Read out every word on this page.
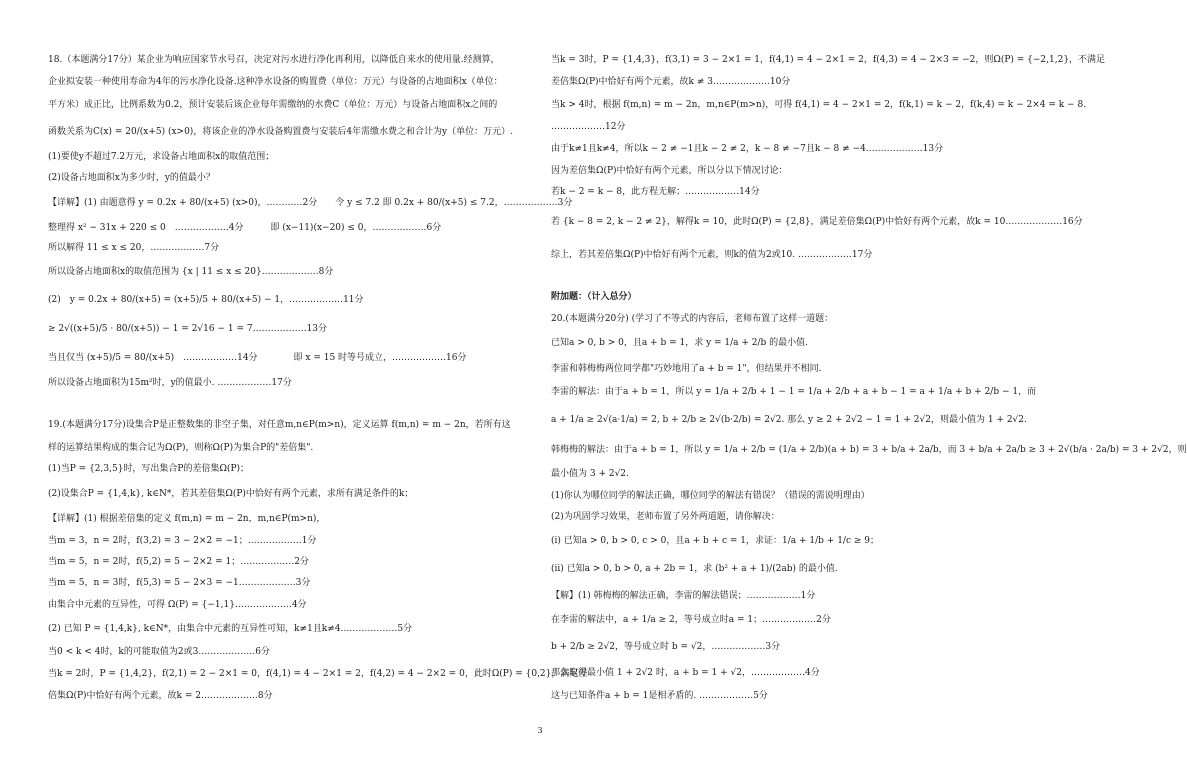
18.（本题满分17分）某企业为响应国家节水号召，决定对污水进行净化再利用，以降低自来水的使用量.经测算，
企业拟安装一种使用寿命为4年的污水净化设备.这种净水设备的购置费（单位：万元）与设备的占地面积x（单位：
平方米）成正比，比例系数为0.2，预计安装后该企业每年需缴纳的水费C（单位：万元）与设备占地面积x之间的
函数关系为C(x) = 20/(x+5) (x>0)，将该企业的净水设备购置费与安装后4年需缴水费之和合计为y（单位：万元）.
(1)要使y不超过7.2万元，求设备占地面积x的取值范围；
(2)设备占地面积x为多少时，y的值最小？
【详解】(1) 由题意得 y = 0.2x + 80/(x+5) (x>0)，…………2分　　令 y ≤ 7.2 即 0.2x + 80/(x+5) ≤ 7.2，………………3分
整理得 x² − 31x + 220 ≤ 0　………………4分　　　即 (x−11)(x−20) ≤ 0，………………6分
所以解得 11 ≤ x ≤ 20，………………7分
所以设备占地面积x的取值范围为 {x | 11 ≤ x ≤ 20}.………………8分
(2)　y = 0.2x + 80/(x+5) = (x+5)/5 + 80/(x+5) − 1，………………11分
≥ 2√((x+5)/5 · 80/(x+5)) − 1 = 2√16 − 1 = 7………………13分
当且仅当 (x+5)/5 = 80/(x+5)　………………14分　　　　即 x = 15 时等号成立，………………16分
所以设备占地面积为15m²时，y的值最小. ………………17分
19.(本题满分17分)设集合P是正整数集的非空子集，对任意m,n∈P(m>n)，定义运算 f(m,n) = m − 2n，若所有这
样的运算结果构成的集合记为Ω(P)，则称Ω(P)为集合P的"差倍集".
(1)当P = {2,3,5}时，写出集合P的差倍集Ω(P)；
(2)设集合P = {1,4,k}, k∈N*，若其差倍集Ω(P)中恰好有两个元素，求所有满足条件的k；
【详解】(1) 根据差倍集的定义 f(m,n) = m − 2n，m,n∈P(m>n)，
当m = 3，n = 2时，f(3,2) = 3 − 2×2 = −1；………………1分
当m = 5，n = 2时，f(5,2) = 5 − 2×2 = 1；………………2分
当m = 5，n = 3时，f(5,3) = 5 − 2×3 = −1.………………3分
由集合中元素的互异性，可得 Ω(P) = {−1,1}.………………4分
(2) 已知 P = {1,4,k}, k∈N*，由集合中元素的互异性可知，k≠1且k≠4.………………5分
当0 < k < 4时，k的可能取值为2或3.………………6分
当k = 2时，P = {1,4,2}，f(2,1) = 2 − 2×1 = 0，f(4,1) = 4 − 2×1 = 2，f(4,2) = 4 − 2×2 = 0，此时Ω(P) = {0,2}，满足差
倍集Ω(P)中恰好有两个元素，故k = 2.………………8分
当k = 3时，P = {1,4,3}，f(3,1) = 3 − 2×1 = 1，f(4,1) = 4 − 2×1 = 2，f(4,3) = 4 − 2×3 = −2，则Ω(P) = {−2,1,2}，不满足
差倍集Ω(P)中恰好有两个元素，故k ≠ 3.………………10分
当k > 4时，根据 f(m,n) = m − 2n，m,n∈P(m>n)，可得 f(4,1) = 4 − 2×1 = 2，f(k,1) = k − 2，f(k,4) = k − 2×4 = k − 8.
………………12分
由于k≠1且k≠4，所以k − 2 ≠ −1且k − 2 ≠ 2，k − 8 ≠ −7且k − 8 ≠ −4.………………13分
因为差倍集Ω(P)中恰好有两个元素，所以分以下情况讨论：
若k − 2 = k − 8，此方程无解；………………14分
若 {k − 8 = 2, k − 2 ≠ 2}，解得k = 10，此时Ω(P) = {2,8}，满足差倍集Ω(P)中恰好有两个元素，故k = 10.………………16分
综上，若其差倍集Ω(P)中恰好有两个元素，则k的值为2或10. ………………17分
附加题：（计入总分）
20.(本题满分20分) (学习了不等式的内容后，老师布置了这样一道题：
已知a > 0, b > 0，且a + b = 1，求 y = 1/a + 2/b 的最小值.
李雷和韩梅梅两位同学都"巧妙地用了a + b = 1"，但结果并不相同.
李雷的解法：由于a + b = 1，所以 y = 1/a + 2/b + 1 − 1 = 1/a + 2/b + a + b − 1 = a + 1/a + b + 2/b − 1，而
a + 1/a ≥ 2√(a·1/a) = 2, b + 2/b ≥ 2√(b·2/b) = 2√2. 那么 y ≥ 2 + 2√2 − 1 = 1 + 2√2，则最小值为 1 + 2√2.
韩梅梅的解法：由于a + b = 1，所以 y = 1/a + 2/b = (1/a + 2/b)(a + b) = 3 + b/a + 2a/b，而 3 + b/a + 2a/b ≥ 3 + 2√(b/a · 2a/b) = 3 + 2√2，则
最小值为 3 + 2√2.
(1)你认为哪位同学的解法正确，哪位同学的解法有错误？（错误的需说明理由）
(2)为巩固学习效果，老师布置了另外两道题，请你解决：
(i) 已知a > 0, b > 0, c > 0，且a + b + c = 1，求证：1/a + 1/b + 1/c ≥ 9；
(ii) 已知a > 0, b > 0, a + 2b = 1，求 (b² + a + 1)/(2ab) 的最小值.
【解】(1) 韩梅梅的解法正确，李雷的解法错误；………………1分
在李雷的解法中，a + 1/a ≥ 2，等号成立时a = 1；………………2分
b + 2/b ≥ 2√2，等号成立时 b = √2，………………3分
那么取得最小值 1 + 2√2 时，a + b = 1 + √2，………………4分
这与已知条件a + b = 1是相矛盾的. ………………5分
3
